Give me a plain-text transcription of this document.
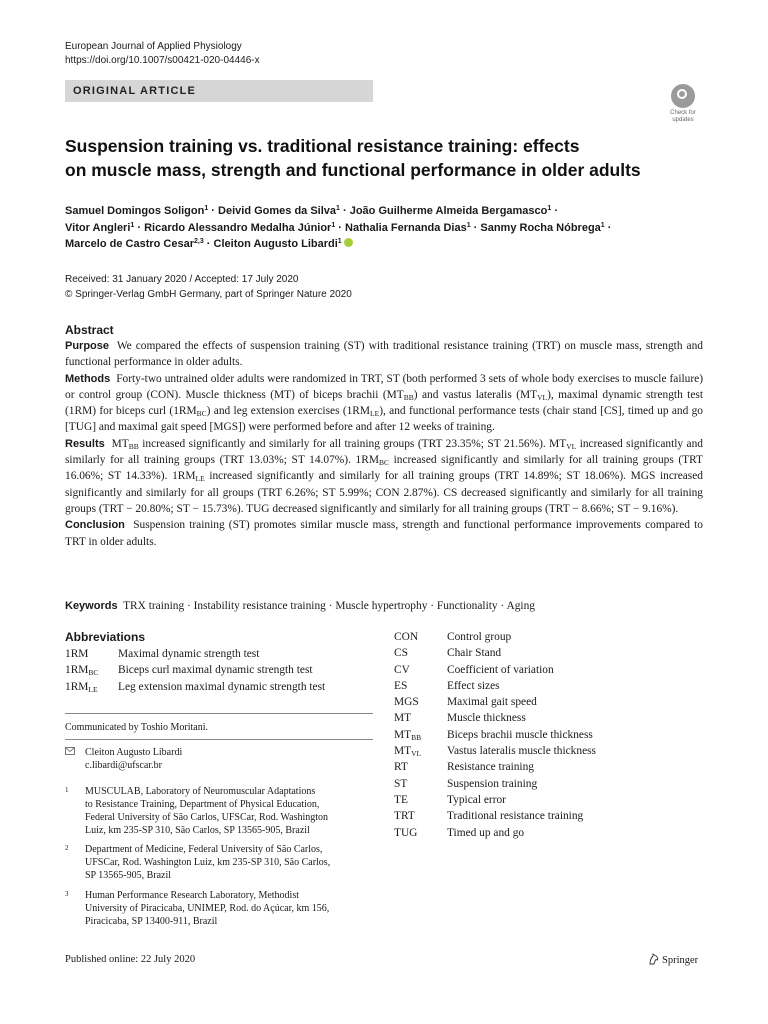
European Journal of Applied Physiology
https://doi.org/10.1007/s00421-020-04446-x
ORIGINAL ARTICLE
Check for
updates
Suspension training vs. traditional resistance training: effects
on muscle mass, strength and functional performance in older adults
Samuel Domingos Soligon$^1$ · Deivid Gomes da Silva$^1$ · João Guilherme Almeida Bergamasco$^1$ ·
Vitor Angleri$^1$ · Ricardo Alessandro Medalha Júnior$^1$ · Nathalia Fernanda Dias$^1$ · Sanmy Rocha Nóbrega$^1$ ·
Marcelo de Castro Cesar$^{2,3}$ · Cleiton Augusto Libardi$^1$
Received: 31 January 2020 / Accepted: 17 July 2020
© Springer-Verlag GmbH Germany, part of Springer Nature 2020
Abstract

Purpose We compared the effects of suspension training (ST) with traditional resistance training (TRT) on muscle mass, strength and functional performance in older adults.

Methods Forty-two untrained older adults were randomized in TRT, ST (both performed 3 sets of whole body exercises to muscle failure) or control group (CON). Muscle thickness (MT) of biceps brachii $(MT_{BB})$ and vastus lateralis $(MT_{VL})$, maximal dynamic strength test (1RM) for biceps curl $(1RM_{BC})$ and leg extension exercises $(1RM_{LE})$, and functional performance tests (chair stand [CS], timed up and go [TUG] and maximal gait speed [MGS]) were performed before and after 12 weeks of training.

Results $MT_{BB}$ increased significantly and similarly for all training groups (TRT 23.35%; ST 21.56%). $MT_{VL}$ increased significantly and similarly for all training groups (TRT 13.03%; ST 14.07%). $1RM_{BC}$ increased significantly and similarly for all training groups (TRT 16.06%; ST 14.33%). $1RM_{LE}$ increased significantly and similarly for all training groups (TRT 14.89%; ST 18.06%). MGS increased significantly and similarly for all groups (TRT 6.26%; ST 5.99%; CON 2.87%). CS decreased significantly and similarly for all training groups (TRT − 20.80%; ST − 15.73%). TUG decreased significantly and similarly for all training groups (TRT − 8.66%; ST − 9.16%).

Conclusion Suspension training (ST) promotes similar muscle mass, strength and functional performance improvements compared to TRT in older adults.

Keywords TRX training · Instability resistance training · Muscle hypertrophy · Functionality · Aging
Abbreviations
1RM	Maximal dynamic strength test
$1RM_{BC}$	Biceps curl maximal dynamic strength test
$1RM_{LE}$	Leg extension maximal dynamic strength test
CON	Control group
CS	Chair Stand
CV	Coefficient of variation
ES	Effect sizes
MGS	Maximal gait speed
MT	Muscle thickness
$MT_{BB}$	Biceps brachii muscle thickness
$MT_{VL}$	Vastus lateralis muscle thickness
RT	Resistance training
ST	Suspension training
TE	Typical error
TRT	Traditional resistance training
TUG	Timed up and go
Communicated by Toshio Moritani.
Cleiton Augusto Libardi
c.libardi@ufscar.br
1 MUSCULAB, Laboratory of Neuromuscular Adaptations
to Resistance Training, Department of Physical Education,
Federal University of São Carlos, UFSCar, Rod. Washington
Luiz, km 235-SP 310, São Carlos, SP 13565-905, Brazil
2 Department of Medicine, Federal University of São Carlos,
UFSCar, Rod. Washington Luiz, km 235-SP 310, São Carlos,
SP 13565-905, Brazil
3 Human Performance Research Laboratory, Methodist
University of Piracicaba, UNIMEP, Rod. do Açúcar, km 156,
Piracicaba, SP 13400-911, Brazil
Published online: 22 July 2020	Springer
